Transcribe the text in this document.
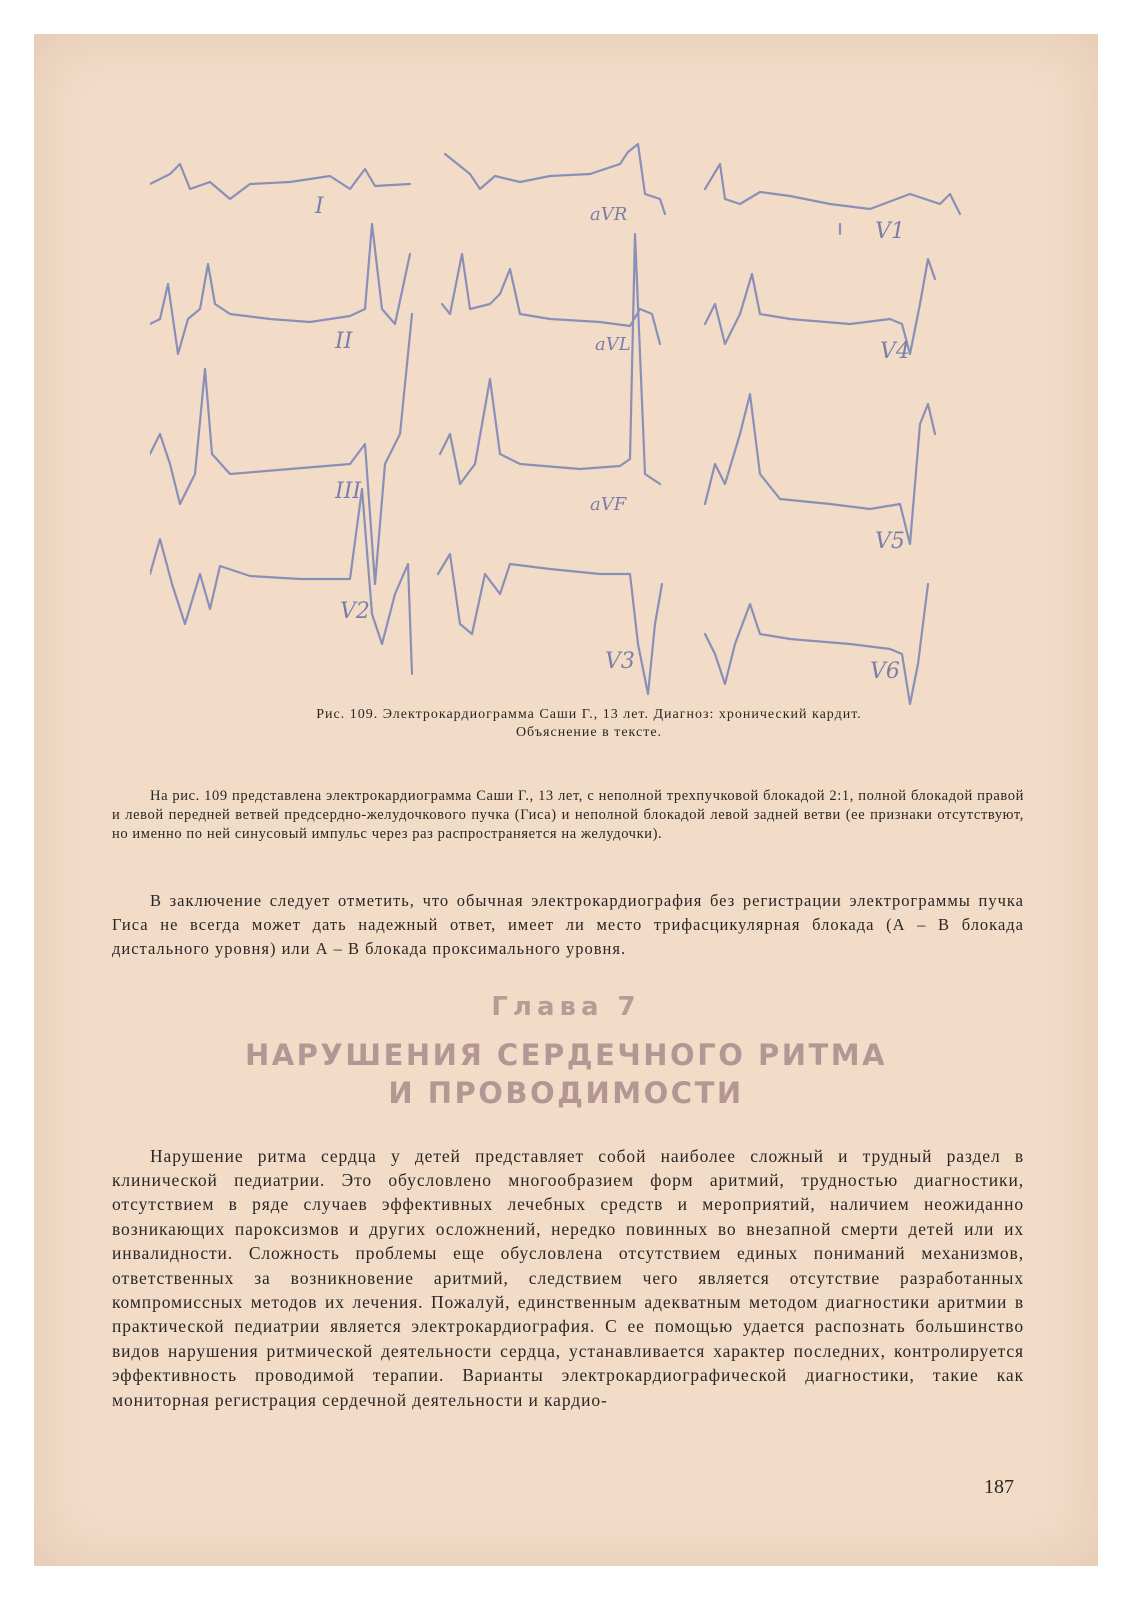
I	aVR
V1
II	aVL	V4
III
aVF
V5
V2
V3	V6
Рис. 109. Электрокардиограмма Саши Г., 13 лет. Диагноз: хронический кардит.
Объяснение в тексте.

На рис. 109 представлена электрокардиограмма Саши Г., 13 лет, с неполной трехпучковой блокадой 2:1, полной блокадой правой и левой передней ветвей предсердно-желудочкового пучка (Гиса) и неполной блокадой левой задней ветви (ее признаки отсутствуют, но именно по ней синусовый импульс через раз распространяется на желудочки).

В заключение следует отметить, что обычная электрокардиография без регистрации электрограммы пучка Гиса не всегда может дать надежный ответ, имеет ли место трифасцикулярная блокада (А – В блокада дистального уровня) или А – В блокада проксимального уровня.

Глава 7
НАРУШЕНИЯ СЕРДЕЧНОГО РИТМА
И ПРОВОДИМОСТИ

Нарушение ритма сердца у детей представляет собой наиболее сложный и трудный раздел в клинической педиатрии. Это обусловлено многообразием форм аритмий, трудностью диагностики, отсутствием в ряде случаев эффективных лечебных средств и мероприятий, наличием неожиданно возникающих пароксизмов и других осложнений, нередко повинных во внезапной смерти детей или их инвалидности. Сложность проблемы еще обусловлена отсутствием единых пониманий механизмов, ответственных за возникновение аритмий, следствием чего является отсутствие разработанных компромиссных методов их лечения. Пожалуй, единственным адекватным методом диагностики аритмии в практической педиатрии является электрокардиография. С ее помощью удается распознать большинство видов нарушения ритмической деятельности сердца, устанавливается характер последних, контролируется эффективность проводимой терапии. Варианты электрокардиографической диагностики, такие как мониторная регистрация сердечной деятельности и кардио-

187
